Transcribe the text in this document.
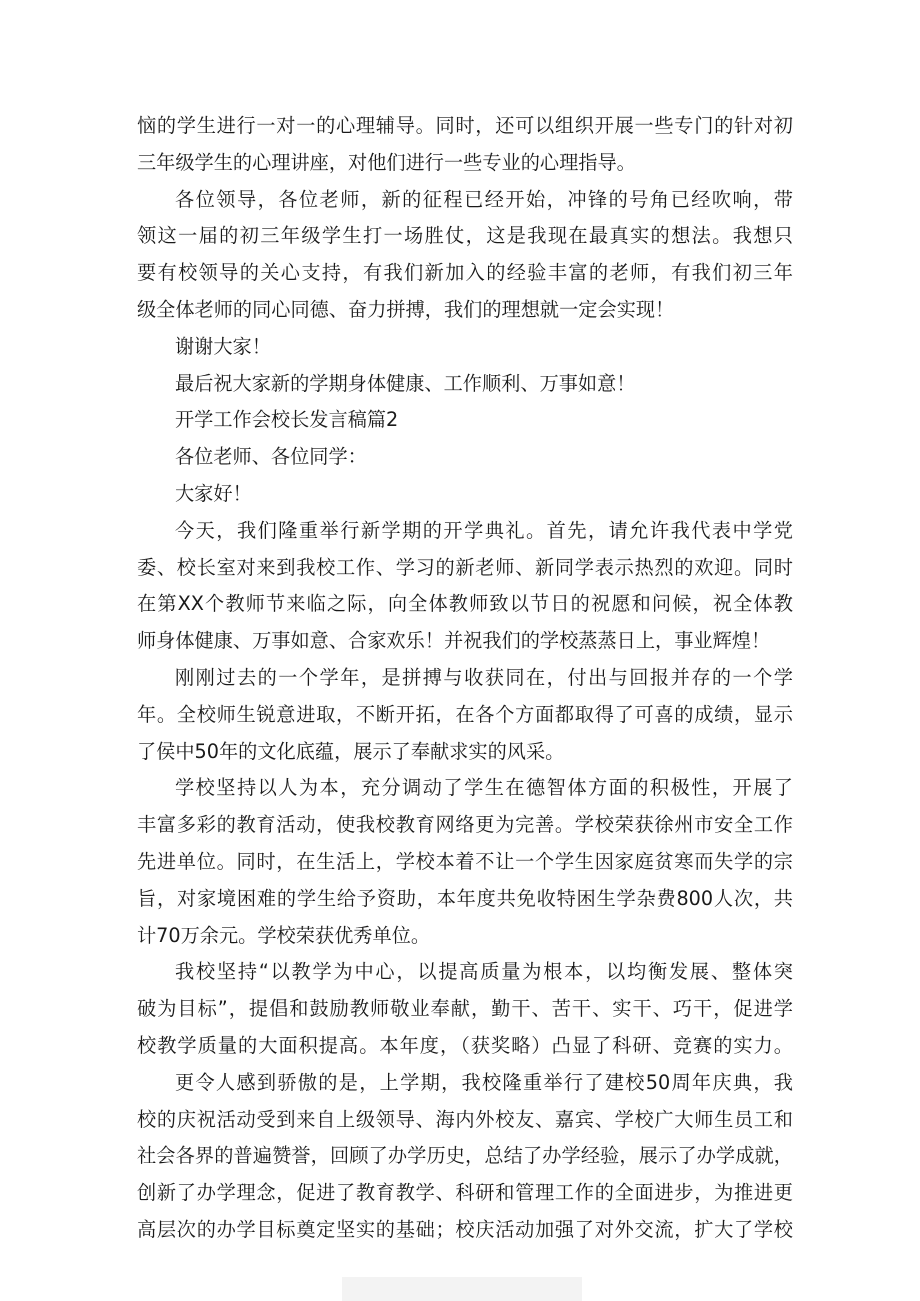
恼的学生进行一对一的心理辅导。同时，还可以组织开展一些专门的针对初
三年级学生的心理讲座，对他们进行一些专业的心理指导。
各位领导，各位老师，新的征程已经开始，冲锋的号角已经吹响，带
领这一届的初三年级学生打一场胜仗，这是我现在最真实的想法。我想只
要有校领导的关心支持，有我们新加入的经验丰富的老师，有我们初三年
级全体老师的同心同德、奋力拼搏，我们的理想就一定会实现！
谢谢大家！
最后祝大家新的学期身体健康、工作顺利、万事如意！
开学工作会校长发言稿篇2
各位老师、各位同学：
大家好！
今天，我们隆重举行新学期的开学典礼。首先，请允许我代表中学党
委、校长室对来到我校工作、学习的新老师、新同学表示热烈的欢迎。同时
在第XX个教师节来临之际，向全体教师致以节日的祝愿和问候，祝全体教
师身体健康、万事如意、合家欢乐！并祝我们的学校蒸蒸日上，事业辉煌！
刚刚过去的一个学年，是拼搏与收获同在，付出与回报并存的一个学
年。全校师生锐意进取，不断开拓，在各个方面都取得了可喜的成绩，显示
了侯中50年的文化底蕴，展示了奉献求实的风采。
学校坚持以人为本，充分调动了学生在德智体方面的积极性，开展了
丰富多彩的教育活动，使我校教育网络更为完善。学校荣获徐州市安全工作
先进单位。同时，在生活上，学校本着不让一个学生因家庭贫寒而失学的宗
旨，对家境困难的学生给予资助，本年度共免收特困生学杂费800人次，共
计70万余元。学校荣获优秀单位。
我校坚持“以教学为中心，以提高质量为根本，以均衡发展、整体突
破为目标”，提倡和鼓励教师敬业奉献，勤干、苦干、实干、巧干，促进学
校教学质量的大面积提高。本年度，（获奖略）凸显了科研、竞赛的实力。
更令人感到骄傲的是，上学期，我校隆重举行了建校50周年庆典，我
校的庆祝活动受到来自上级领导、海内外校友、嘉宾、学校广大师生员工和
社会各界的普遍赞誉，回顾了办学历史，总结了办学经验，展示了办学成就，
创新了办学理念，促进了教育教学、科研和管理工作的全面进步，为推进更
高层次的办学目标奠定坚实的基础；校庆活动加强了对外交流，扩大了学校
